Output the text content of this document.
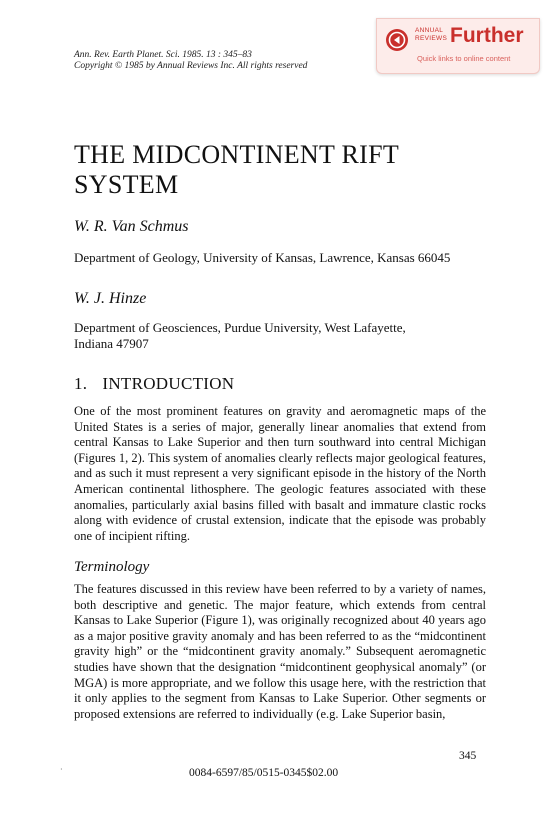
Ann. Rev. Earth Planet. Sci. 1985. 13 : 345–83
Copyright © 1985 by Annual Reviews Inc. All rights reserved
ANNUAL
REVIEWS Further
Quick links to online content
THE MIDCONTINENT RIFT
SYSTEM
W. R. Van Schmus
Department of Geology, University of Kansas, Lawrence, Kansas 66045
W. J. Hinze
Department of Geosciences, Purdue University, West Lafayette,
Indiana 47907
1. INTRODUCTION

One of the most prominent features on gravity and aeromagnetic maps of the United States is a series of major, generally linear anomalies that extend from central Kansas to Lake Superior and then turn southward into central Michigan (Figures 1, 2). This system of anomalies clearly reflects major geological features, and as such it must represent a very significant episode in the history of the North American continental lithosphere. The geologic features associated with these anomalies, particularly axial basins filled with basalt and immature clastic rocks along with evidence of crustal extension, indicate that the episode was probably one of incipient rifting.

Terminology

The features discussed in this review have been referred to by a variety of names, both descriptive and genetic. The major feature, which extends from central Kansas to Lake Superior (Figure 1), was originally recognized about 40 years ago as a major positive gravity anomaly and has been referred to as the “midcontinent gravity high” or the “midcontinent gravity anomaly.” Subsequent aeromagnetic studies have shown that the designation “midcontinent geophysical anomaly” (or MGA) is more appropriate, and we follow this usage here, with the restriction that it only applies to the segment from Kansas to Lake Superior. Other segments or proposed extensions are referred to individually (e.g. Lake Superior basin,

345
·	0084-6597/85/0515-0345$02.00
